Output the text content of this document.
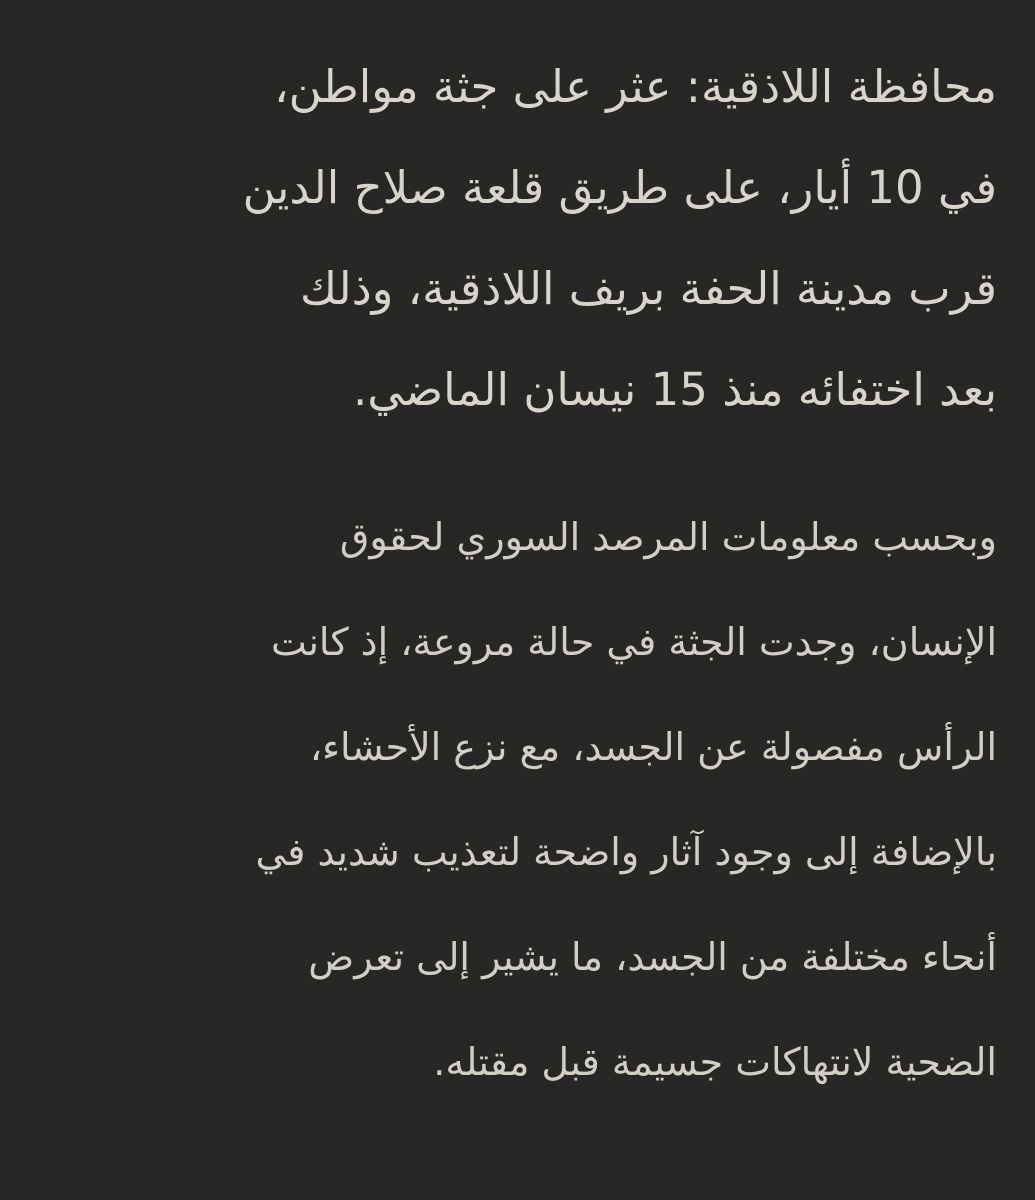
محافظة اللاذقية: عثر على جثة مواطن،
في 10 أيار، على طريق قلعة صلاح الدين
قرب مدينة الحفة بريف اللاذقية، وذلك
بعد اختفائه منذ 15 نيسان الماضي.

وبحسب معلومات المرصد السوري لحقوق
الإنسان، وجدت الجثة في حالة مروعة، إذ كانت
الرأس مفصولة عن الجسد، مع نزع الأحشاء،
بالإضافة إلى وجود آثار واضحة لتعذيب شديد في
أنحاء مختلفة من الجسد، ما يشير إلى تعرض
الضحية لانتهاكات جسيمة قبل مقتله.
